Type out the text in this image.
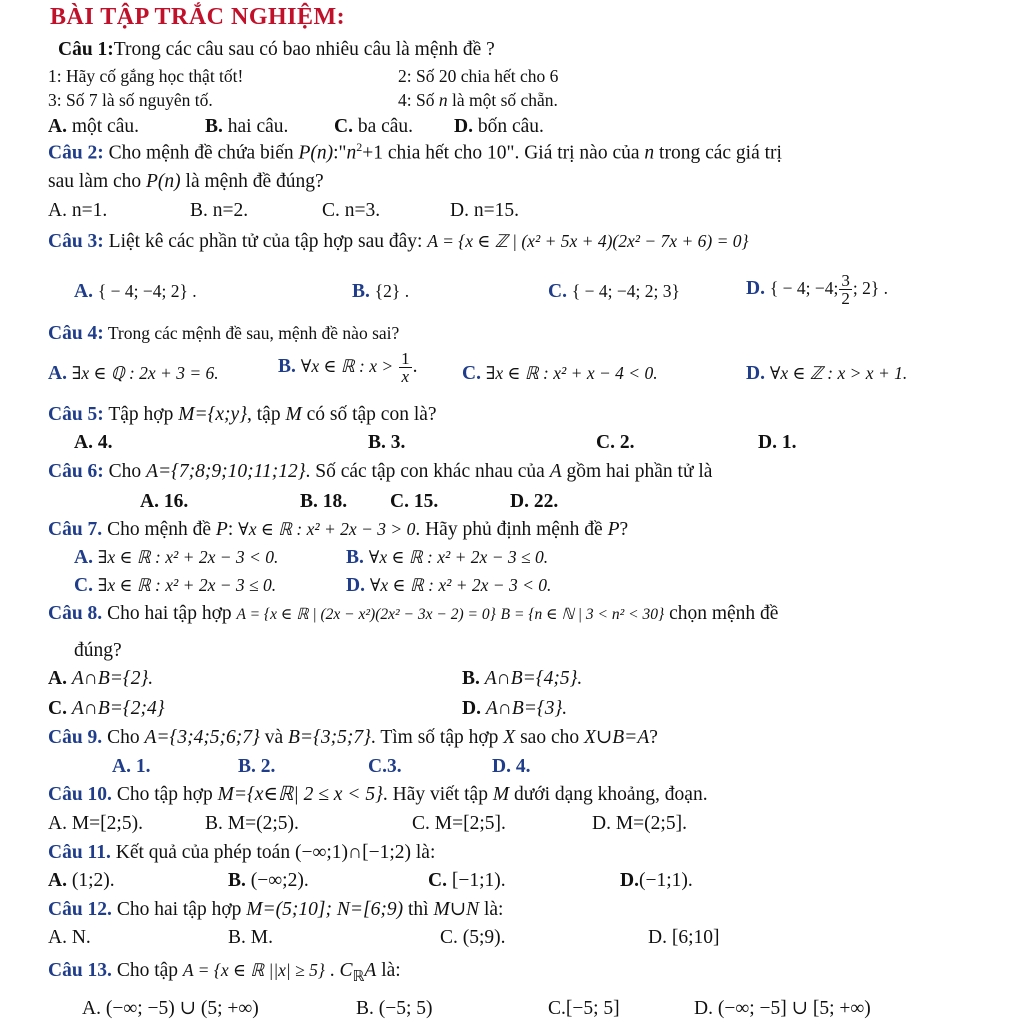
BÀI TẬP TRẮC NGHIỆM:
Câu 1:Trong các câu sau có bao nhiêu câu là mệnh đề ?
1: Hãy cố gắng học thật tốt!	2: Số 20 chia hết cho 6
3: Số 7 là số nguyên tố.	4: Số n là một số chẵn.
A. một câu.	B. hai câu. C. ba câu. D. bốn câu.
Câu 2: Cho mệnh đề chứa biến $P(n):"n^2+1$ chia hết cho 10". Giá trị nào của n trong các giá trị
sau làm cho P(n) là mệnh đề đúng?
A. n=1.	B. n=2.	C. n=3.	D. n=15.
Câu 3: Liệt kê các phần tử của tập hợp sau đây: A = {x ∈ ℤ | (x² + 5x + 4)(2x² − 7x + 6) = 0}
A. { − 4; −4; 2} .	B. {2} .	C. { − 4; −4; 2; 3}	D. { − 4; −4; $\frac{3}{2}$ ; 2} .
Câu 4: Trong các mệnh đề sau, mệnh đề nào sai?
A. ∃x ∈ ℚ : 2x + 3 = 6.	B. ∀x ∈ ℝ : $x > \frac{1}{x}$ . C. ∃x ∈ ℝ : x² + x − 4 < 0.	D. ∀x ∈ ℤ : x > x + 1.
Câu 5: Tập hợp M={x;y}, tập M có số tập con là?
A. 4.	B. 3.	C. 2.	D. 1.
Câu 6: Cho A={7;8;9;10;11;12}. Số các tập con khác nhau của A gồm hai phần tử là
A. 16.	B. 18. C. 15.	D. 22.
Câu 7. Cho mệnh đề P: ∀x ∈ ℝ : x² + 2x − 3 > 0. Hãy phủ định mệnh đề P?
A. ∃x ∈ ℝ : x² + 2x − 3 < 0.	B. ∀x ∈ ℝ : x² + 2x − 3 ≤ 0.
C. ∃x ∈ ℝ : x² + 2x − 3 ≤ 0.	D. ∀x ∈ ℝ : x² + 2x − 3 < 0.
Câu 8. Cho hai tập hợp A = {x ∈ ℝ | (2x − x²)(2x² − 3x − 2) = 0} B = {n ∈ ℕ | 3 < n² < 30} chọn mệnh đề
đúng?
A. A∩B={2}.	B. A∩B={4;5}.
C. A∩B={2;4}	D. A∩B={3}.
Câu 9. Cho A={3;4;5;6;7} và B={3;5;7}. Tìm số tập hợp X sao cho X∪B=A?
A. 1.	B. 2.	C.3.	D. 4.
Câu 10. Cho tập hợp M={x∈ℝ| 2 ≤ x < 5}. Hãy viết tập M dưới dạng khoảng, đoạn.
A. M=[2;5).	B. M=(2;5).	C. M=[2;5].	D. M=(2;5].
Câu 11. Kết quả của phép toán (−∞;1)∩[−1;2) là:
A. (1;2).	B. (−∞;2).	C. [−1;1).	D.(−1;1).
Câu 12. Cho hai tập hợp M=(5;10]; N=[6;9) thì M∪N là:
A. N.	B. M.	C. (5;9).	D. [6;10]
Câu 13. Cho tập A = {x ∈ ℝ ||x| ≥ 5} . $C_ℝA$ là:
A. (−∞; −5) ∪ (5; +∞)	B. (−5; 5)	C.[−5; 5]	D. (−∞; −5] ∪ [5; +∞)
